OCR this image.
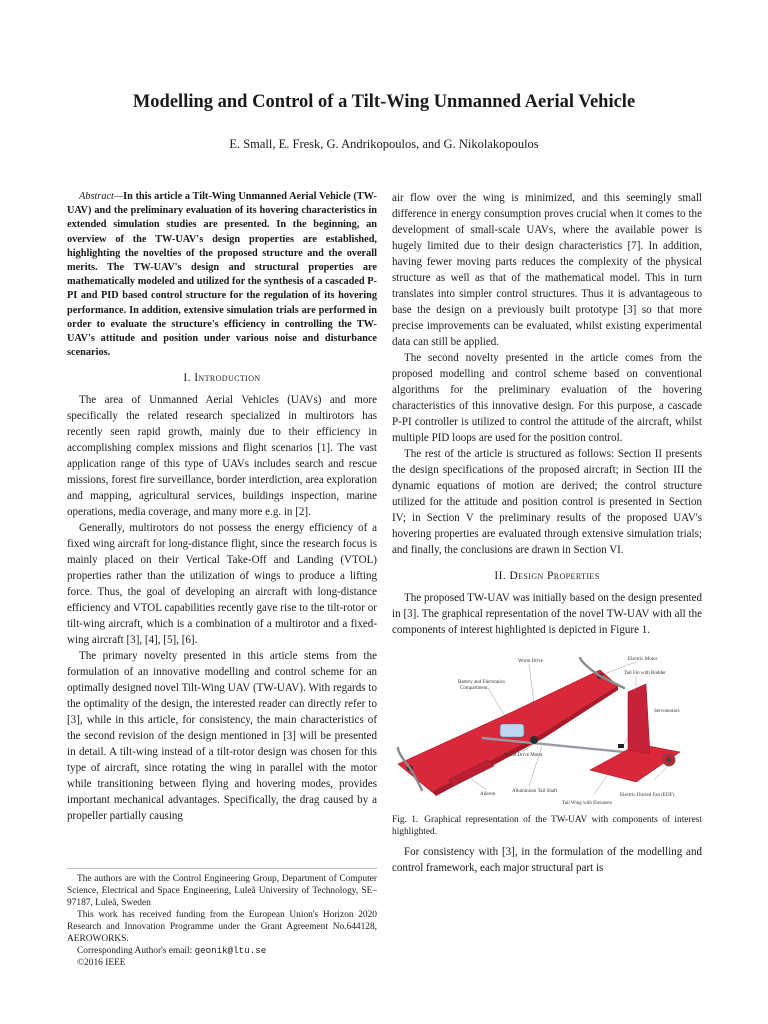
Modelling and Control of a Tilt-Wing Unmanned Aerial Vehicle
E. Small, E. Fresk, G. Andrikopoulos, and G. Nikolakopoulos

Abstract—In this article a Tilt-Wing Unmanned Aerial Vehicle (TW-UAV) and the preliminary evaluation of its hovering characteristics in extended simulation studies are presented. In the beginning, an overview of the TW-UAV's design properties are established, highlighting the novelties of the proposed structure and the overall merits. The TW-UAV's design and structural properties are mathematically modeled and utilized for the synthesis of a cascaded P-PI and PID based control structure for the regulation of its hovering performance. In addition, extensive simulation trials are performed in order to evaluate the structure's efficiency in controlling the TW-UAV's attitude and position under various noise and disturbance scenarios.

I. Introduction

The area of Unmanned Aerial Vehicles (UAVs) and more specifically the related research specialized in multirotors has recently seen rapid growth, mainly due to their efficiency in accomplishing complex missions and flight scenarios [1]. The vast application range of this type of UAVs includes search and rescue missions, forest fire surveillance, border interdiction, area exploration and mapping, agricultural services, buildings inspection, marine operations, media coverage, and many more e.g. in [2].

Generally, multirotors do not possess the energy efficiency of a fixed wing aircraft for long-distance flight, since the research focus is mainly placed on their Vertical Take-Off and Landing (VTOL) properties rather than the utilization of wings to produce a lifting force. Thus, the goal of developing an aircraft with long-distance efficiency and VTOL capabilities recently gave rise to the tilt-rotor or tilt-wing aircraft, which is a combination of a multirotor and a fixed-wing aircraft [3], [4], [5], [6].

The primary novelty presented in this article stems from the formulation of an innovative modelling and control scheme for an optimally designed novel Tilt-Wing UAV (TW-UAV). With regards to the optimality of the design, the interested reader can directly refer to [3], while in this article, for consistency, the main characteristics of the second revision of the design mentioned in [3] will be presented in detail. A tilt-wing instead of a tilt-rotor design was chosen for this type of aircraft, since rotating the wing in parallel with the motor while transitioning between flying and hovering modes, provides important mechanical advantages. Specifically, the drag caused by a propeller partially causing

The authors are with the Control Engineering Group, Department of Computer Science, Electrical and Space Engineering, Luleå University of Technology, SE–97187, Luleå, Sweden

This work has received funding from the European Union's Horizon 2020 Research and Innovation Programme under the Grant Agreement No.644128, AEROWORKS.

Corresponding Author's email: geonik@ltu.se

©2016 IEEE

air flow over the wing is minimized, and this seemingly small difference in energy consumption proves crucial when it comes to the development of small-scale UAVs, where the available power is hugely limited due to their design characteristics [7]. In addition, having fewer moving parts reduces the complexity of the physical structure as well as that of the mathematical model. This in turn translates into simpler control structures. Thus it is advantageous to base the design on a previously built prototype [3] so that more precise improvements can be evaluated, whilst existing experimental data can still be applied.

The second novelty presented in the article comes from the proposed modelling and control scheme based on conventional algorithms for the preliminary evaluation of the hovering characteristics of this innovative design. For this purpose, a cascade P-PI controller is utilized to control the attitude of the aircraft, whilst multiple PID loops are used for the position control.

The rest of the article is structured as follows: Section II presents the design specifications of the proposed aircraft; in Section III the dynamic equations of motion are derived; the control structure utilized for the attitude and position control is presented in Section IV; in Section V the preliminary results of the proposed UAV's hovering properties are evaluated through extensive simulation trials; and finally, the conclusions are drawn in Section VI.

II. Design Properties

The proposed TW-UAV was initially based on the design presented in [3]. The graphical representation of the novel TW-UAV with all the components of interest highlighted is depicted in Figure 1.

Worm Drive	Electric Motor
Battery and Electronics
Compartment
Tail Fin with Rudder
Servomotors
Worm Drive Motor
Aileron
Alluminium Tail Shaft
Electric Ducted Fan (EDF)
Tail Wing with Elevators

Fig. 1. Graphical representation of the TW-UAV with components of interest highlighted.

For consistency with [3], in the formulation of the modelling and control framework, each major structural part is
